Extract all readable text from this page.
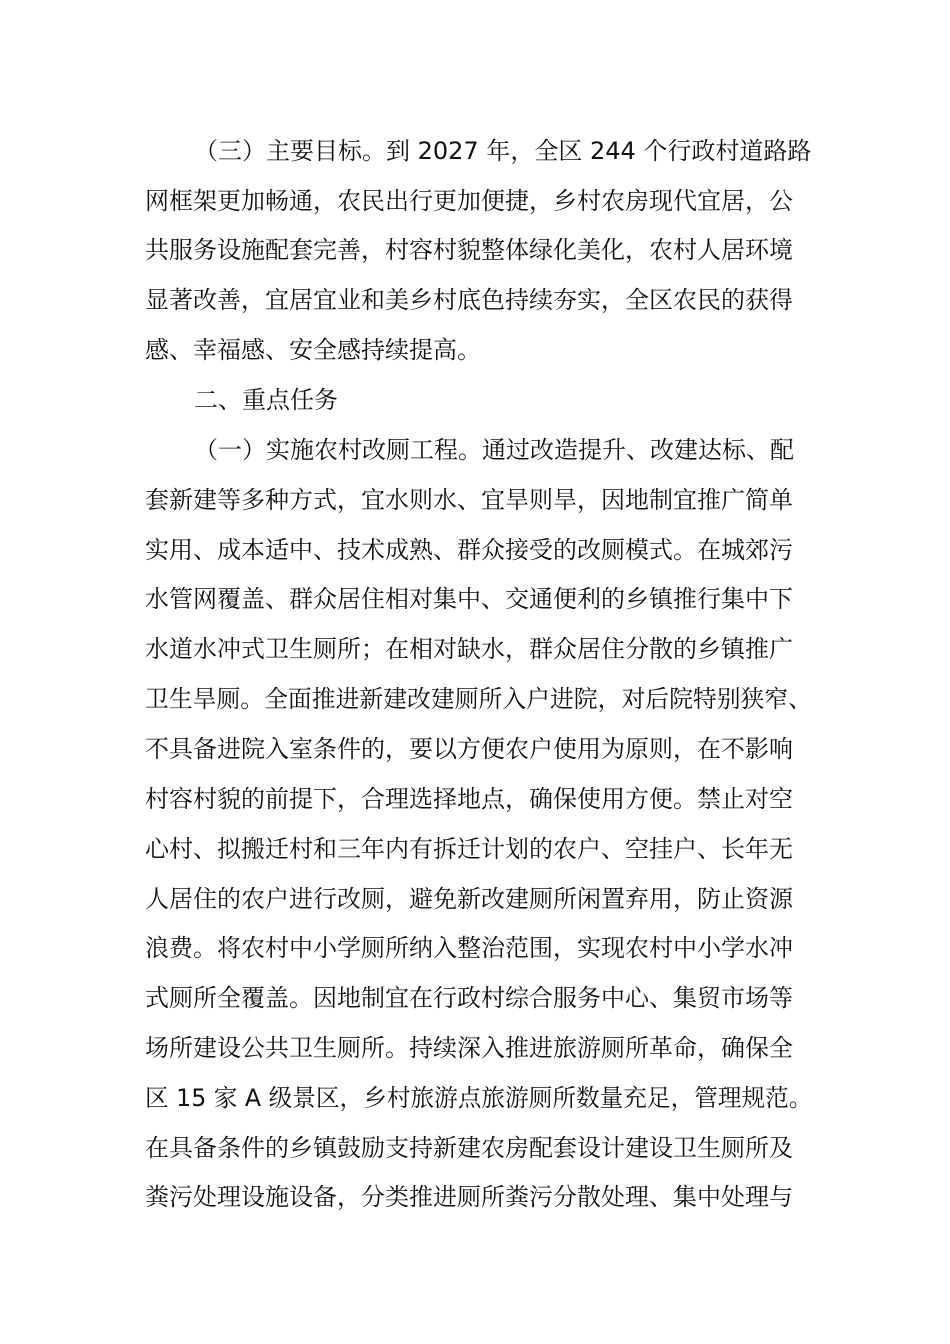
（三）主要目标。到 2027 年，全区 244 个行政村道路路
网框架更加畅通，农民出行更加便捷，乡村农房现代宜居，公
共服务设施配套完善，村容村貌整体绿化美化，农村人居环境
显著改善，宜居宜业和美乡村底色持续夯实，全区农民的获得
感、幸福感、安全感持续提高。
二、重点任务
（一）实施农村改厕工程。通过改造提升、改建达标、配
套新建等多种方式，宜水则水、宜旱则旱，因地制宜推广简单
实用、成本适中、技术成熟、群众接受的改厕模式。在城郊污
水管网覆盖、群众居住相对集中、交通便利的乡镇推行集中下
水道水冲式卫生厕所；在相对缺水，群众居住分散的乡镇推广
卫生旱厕。全面推进新建改建厕所入户进院，对后院特别狭窄、
不具备进院入室条件的，要以方便农户使用为原则，在不影响
村容村貌的前提下，合理选择地点，确保使用方便。禁止对空
心村、拟搬迁村和三年内有拆迁计划的农户、空挂户、长年无
人居住的农户进行改厕，避免新改建厕所闲置弃用，防止资源
浪费。将农村中小学厕所纳入整治范围，实现农村中小学水冲
式厕所全覆盖。因地制宜在行政村综合服务中心、集贸市场等
场所建设公共卫生厕所。持续深入推进旅游厕所革命，确保全
区 15 家 A 级景区，乡村旅游点旅游厕所数量充足，管理规范。
在具备条件的乡镇鼓励支持新建农房配套设计建设卫生厕所及
粪污处理设施设备，分类推进厕所粪污分散处理、集中处理与
